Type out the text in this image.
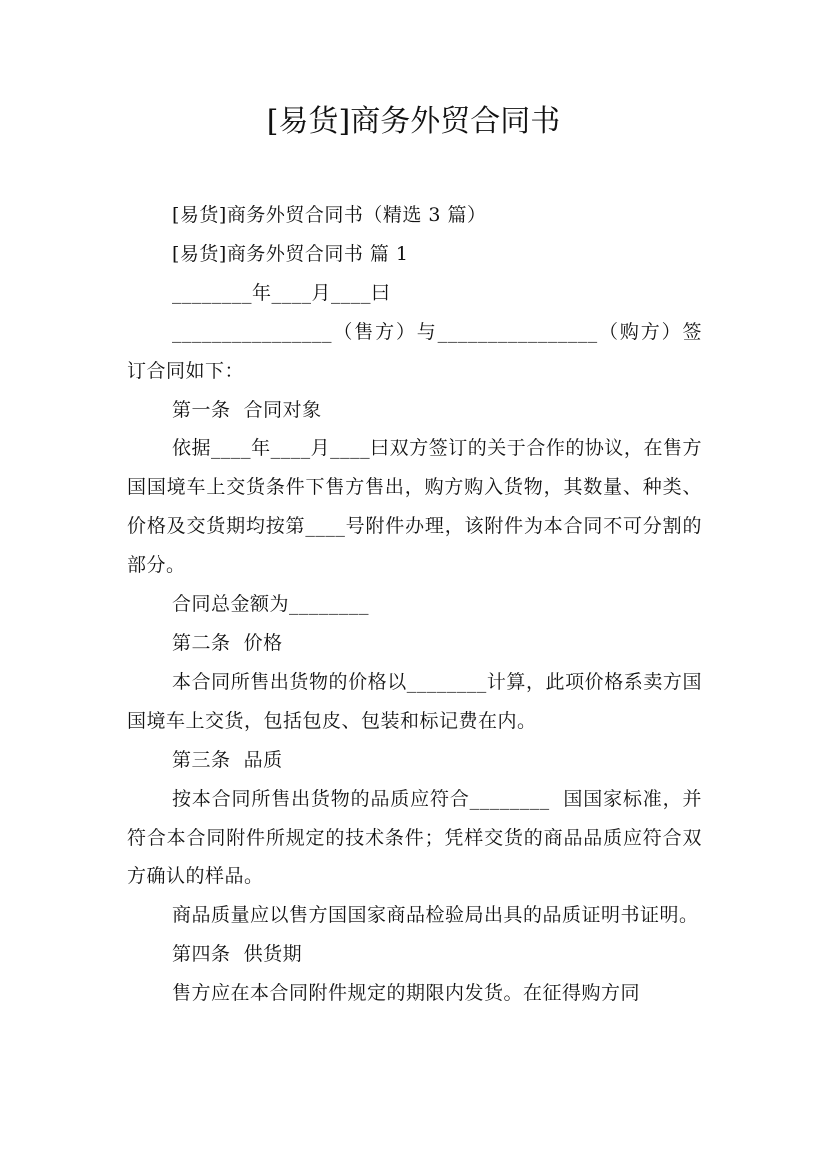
[易货]商务外贸合同书

[易货]商务外贸合同书（精选 3 篇）

[易货]商务外贸合同书 篇 1

________年____月____曰

________________（售方）与________________（购方）签订合同如下：

第一条  合同对象

依据____年____月____曰双方签订的关于合作的协议，在售方国国境车上交货条件下售方售出，购方购入货物，其数量、种类、价格及交货期均按第____号附件办理，该附件为本合同不可分割的部分。

合同总金额为________

第二条  价格

本合同所售出货物的价格以________计算，此项价格系卖方国国境车上交货，包括包皮、包装和标记费在内。

第三条  品质

按本合同所售出货物的品质应符合________  国国家标准，并符合本合同附件所规定的技术条件；凭样交货的商品品质应符合双方确认的样品。

商品质量应以售方国国家商品检验局出具的品质证明书证明。

第四条  供货期

售方应在本合同附件规定的期限内发货。在征得购方同
